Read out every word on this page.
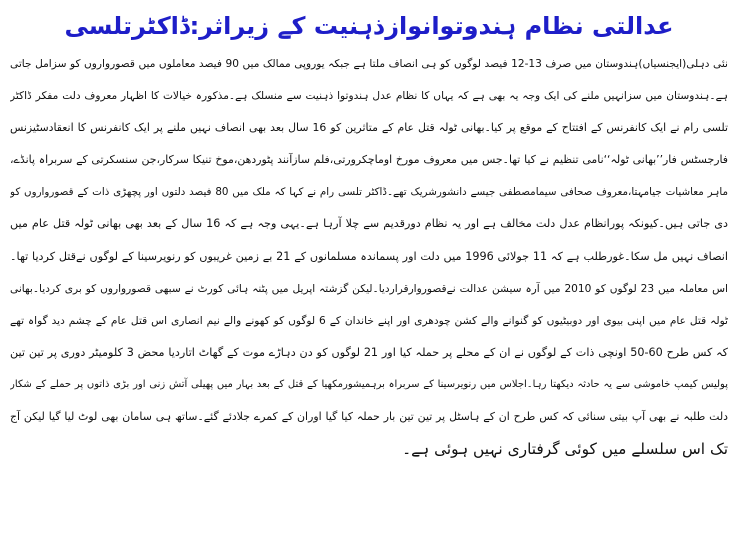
عدالتی نظام ہندوتوانوازذہنیت کے زیراثر:ڈاکٹرتلسی
نئی دہلی(ایجنسیاں)ہندوستان میں صرف 13-12 فیصد لوگوں کو ہی انصاف ملتا ہے جبکہ یوروپی ممالک میں 90 فیصد معاملوں میں قصورواروں کو سزامل جاتی
ہے۔ہندوستان میں سزانہیں ملنے کی ایک وجہ یہ بھی ہے کہ یہاں کا نظام عدل ہندوتوا ذہنیت سے منسلک ہے۔مذکورہ خیالات کا اظہار معروف دلت مفکر ڈاکٹر
تلسی رام نے ایک کانفرنس کے افتتاح کے موقع پر کیا۔بھانی ٹولہ قتل عام کے متاثرین کو 16 سال بعد بھی انصاف نہیں ملنے پر ایک کانفرنس کا انعقادسٹیزنس
فارجسٹس فار’’بھانی ٹولہ‘‘نامی تنظیم نے کیا تھا۔جس میں معروف مورخ اوماچکرورتی،فلم سازآنند پٹوردھن،موخ تنیکا سرکار،جن سنسکرتی کے سربراہ پانڈے،
ماہر معاشیات جیامہتا،معروف صحافی سیمامصطفی جیسے دانشورشریک تھے۔ڈاکٹر تلسی رام نے کہا کہ ملک میں 80 فیصد دلتوں اور پچھڑی ذات کے قصورواروں کو
دی جاتی ہیں۔کیونکہ پورانظام عدل دلت مخالف ہے اور یہ نظام دورقدیم سے چلا آرہا ہے۔یہی وجہ ہے کہ 16 سال کے بعد بھی بھانی ٹولہ قتل عام میں
انصاف نہیں مل سکا۔غورطلب ہے کہ 11 جولائی 1996 میں دلت اور پسماندہ مسلمانوں کے 21 بے زمین غریبوں کو رنویرسینا کے لوگوں نےقتل کردیا تھا۔
اس معاملہ میں 23 لوگوں کو 2010 میں آرہ سیشن عدالت نےقصوروارقراردیا۔لیکن گزشتہ اپریل میں پٹنہ ہائی کورٹ نے سبھی قصورواروں کو بری کردیا۔بھانی
ٹولہ قتل عام میں اپنی بیوی اور دوبیٹیوں کو گنوانے والے کشن چودھری اور اپنے خاندان کے 6 لوگوں کو کھونے والے نیم انصاری اس قتل عام کے چشم دید گواہ تھے
کہ کس طرح 60-50 اونچی ذات کے لوگوں نے ان کے محلے پر حملہ کیا اور 21 لوگوں کو دن دہاڑے موت کے گھاٹ اتاردیا محض 3 کلومیٹر دوری پر تین تین
پولیس کیمپ خاموشی سے یہ حادثہ دیکھتا رہا۔اجلاس میں رنویرسینا کے سربراہ برہمیشورمکھیا کے قتل کے بعد بہار میں پھیلی آتش زنی اور بڑی ذاتوں پر حملے کے شکار
دلت طلبہ نے بھی آپ بیتی سنائی کہ کس طرح ان کے ہاسٹل پر تین تین بار حملہ کیا گیا اوران کے کمرے جلادئے گئے۔ساتھ ہی سامان بھی لوٹ لیا گیا لیکن آج
تک اس سلسلے میں کوئی گرفتاری نہیں ہوئی ہے۔
